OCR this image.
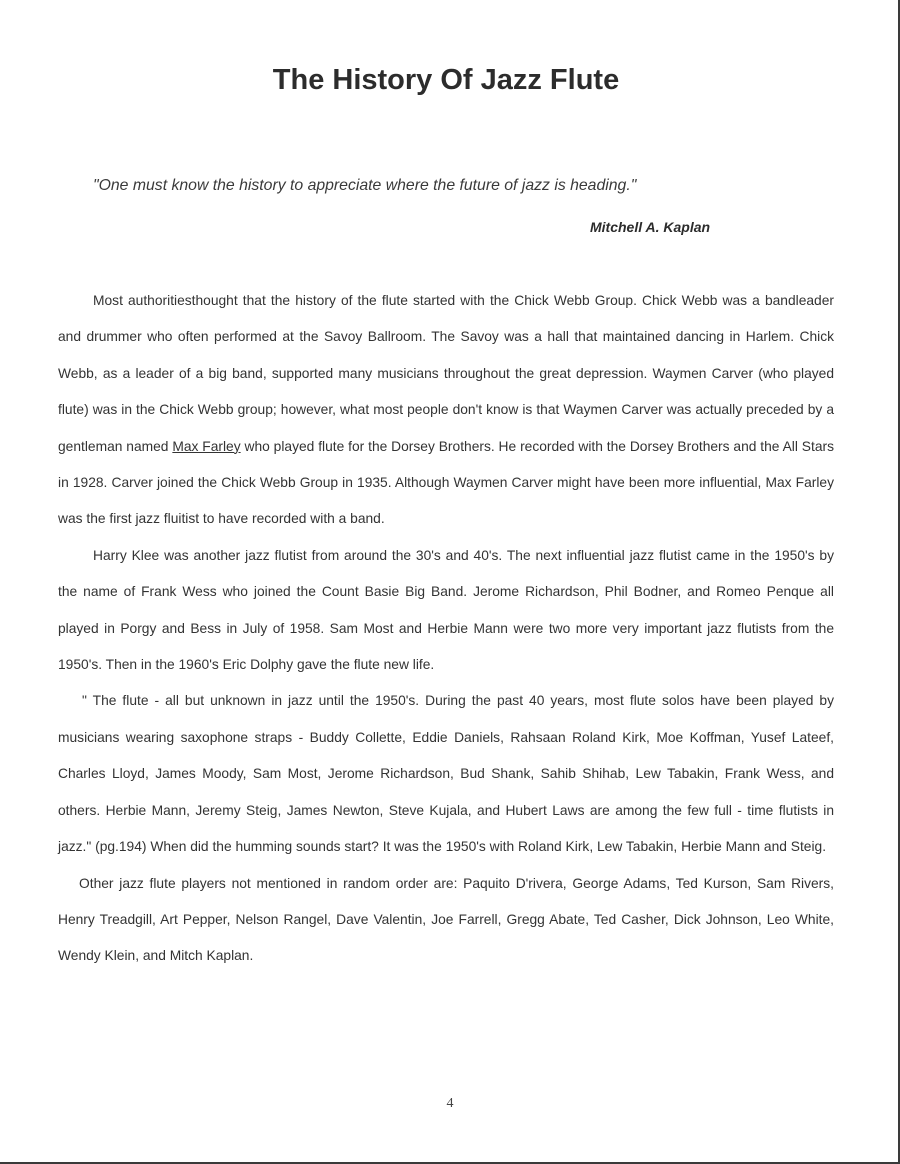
The History Of Jazz Flute

"One must know the history to appreciate where the future of jazz is heading."

Mitchell A. Kaplan

Most authoritiesthought that the history of the flute started with the Chick Webb Group. Chick Webb was a bandleader and drummer who often performed at the Savoy Ballroom. The Savoy was a hall that maintained dancing in Harlem. Chick Webb, as a leader of a big band, supported many musicians throughout the great depression. Waymen Carver (who played flute) was in the Chick Webb group; however, what most people don't know is that Waymen Carver was actually preceded by a gentleman named Max Farley who played flute for the Dorsey Brothers. He recorded with the Dorsey Brothers and the All Stars in 1928. Carver joined the Chick Webb Group in 1935. Although Waymen Carver might have been more influential, Max Farley was the first jazz fluitist to have recorded with a band.

Harry Klee was another jazz flutist from around the 30's and 40's. The next influential jazz flutist came in the 1950's by the name of Frank Wess who joined the Count Basie Big Band. Jerome Richardson, Phil Bodner, and Romeo Penque all played in Porgy and Bess in July of 1958. Sam Most and Herbie Mann were two more very important jazz flutists from the 1950's. Then in the 1960's Eric Dolphy gave the flute new life.

" The flute - all but unknown in jazz until the 1950's. During the past 40 years, most flute solos have been played by musicians wearing saxophone straps - Buddy Collette, Eddie Daniels, Rahsaan Roland Kirk, Moe Koffman, Yusef Lateef, Charles Lloyd, James Moody, Sam Most, Jerome Richardson, Bud Shank, Sahib Shihab, Lew Tabakin, Frank Wess, and others. Herbie Mann, Jeremy Steig, James Newton, Steve Kujala, and Hubert Laws are among the few full - time flutists in jazz." (pg.194) When did the humming sounds start? It was the 1950's with Roland Kirk, Lew Tabakin, Herbie Mann and Steig.

Other jazz flute players not mentioned in random order are: Paquito D'rivera, George Adams, Ted Kurson, Sam Rivers, Henry Treadgill, Art Pepper, Nelson Rangel, Dave Valentin, Joe Farrell, Gregg Abate, Ted Casher, Dick Johnson, Leo White, Wendy Klein, and Mitch Kaplan.

4
